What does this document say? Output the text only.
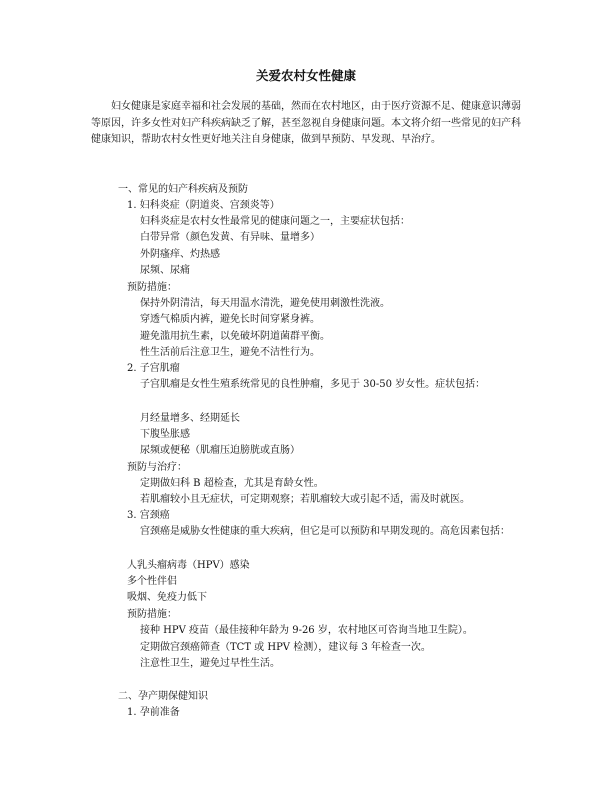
关爱农村女性健康
妇女健康是家庭幸福和社会发展的基础，然而在农村地区，由于医疗资源不足、健康意识薄弱等原因，许多女性对妇产科疾病缺乏了解，甚至忽视自身健康问题。本文将介绍一些常见的妇产科健康知识，帮助农村女性更好地关注自身健康，做到早预防、早发现、早治疗。
一、常见的妇产科疾病及预防
1. 妇科炎症（阴道炎、宫颈炎等）
妇科炎症是农村女性最常见的健康问题之一，主要症状包括：
白带异常（颜色发黄、有异味、量增多）
外阴瘙痒、灼热感
尿频、尿痛
预防措施：
保持外阴清洁，每天用温水清洗，避免使用刺激性洗液。
穿透气棉质内裤，避免长时间穿紧身裤。
避免滥用抗生素，以免破坏阴道菌群平衡。
性生活前后注意卫生，避免不洁性行为。
2. 子宫肌瘤
子宫肌瘤是女性生殖系统常见的良性肿瘤，多见于 30-50 岁女性。症状包括：
月经量增多、经期延长
下腹坠胀感
尿频或便秘（肌瘤压迫膀胱或直肠）
预防与治疗：
定期做妇科 B 超检查，尤其是育龄女性。
若肌瘤较小且无症状，可定期观察；若肌瘤较大或引起不适，需及时就医。
3. 宫颈癌
宫颈癌是威胁女性健康的重大疾病，但它是可以预防和早期发现的。高危因素包括：
人乳头瘤病毒（HPV）感染
多个性伴侣
吸烟、免疫力低下
预防措施：
接种 HPV 疫苗（最佳接种年龄为 9-26 岁，农村地区可咨询当地卫生院）。
定期做宫颈癌筛查（TCT 或 HPV 检测），建议每 3 年检查一次。
注意性卫生，避免过早性生活。
二、孕产期保健知识
1. 孕前准备
